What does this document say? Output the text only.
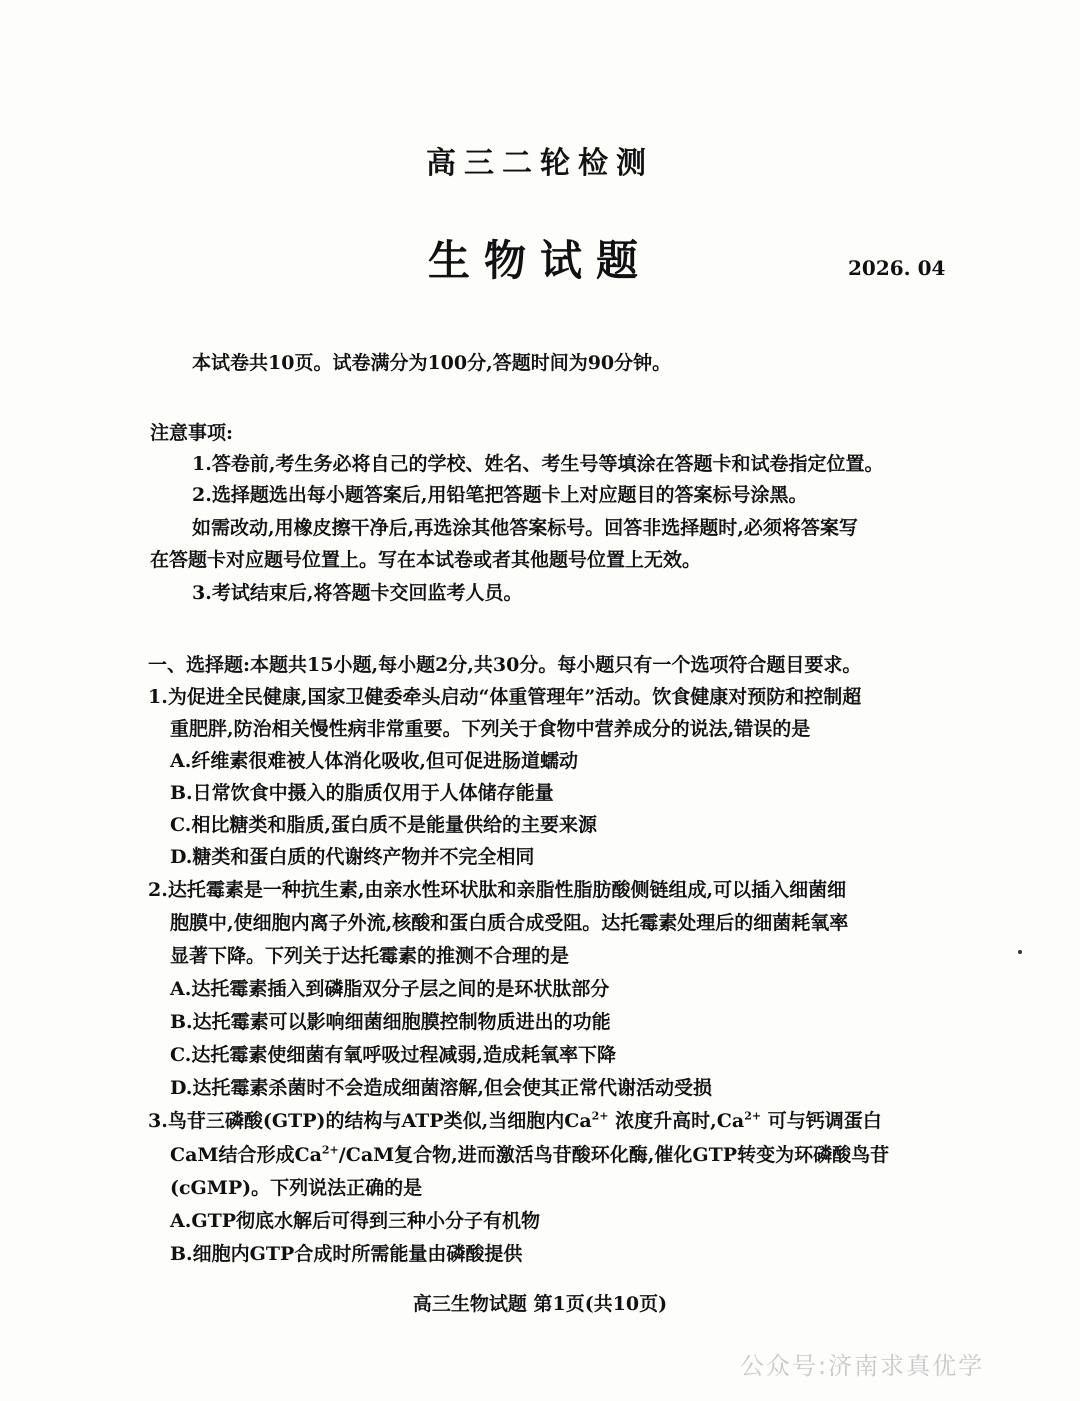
高三二轮检测
生物试题	2026. 04
本试卷共10页。试卷满分为100分,答题时间为90分钟。
注意事项:
1.答卷前,考生务必将自己的学校、姓名、考生号等填涂在答题卡和试卷指定位置。
2.选择题选出每小题答案后,用铅笔把答题卡上对应题目的答案标号涂黑。
如需改动,用橡皮擦干净后,再选涂其他答案标号。回答非选择题时,必须将答案写
在答题卡对应题号位置上。写在本试卷或者其他题号位置上无效。
3.考试结束后,将答题卡交回监考人员。
一、选择题:本题共15小题,每小题2分,共30分。每小题只有一个选项符合题目要求。
1.为促进全民健康,国家卫健委牵头启动“体重管理年”活动。饮食健康对预防和控制超
重肥胖,防治相关慢性病非常重要。下列关于食物中营养成分的说法,错误的是
A.纤维素很难被人体消化吸收,但可促进肠道蠕动
B.日常饮食中摄入的脂质仅用于人体储存能量
C.相比糖类和脂质,蛋白质不是能量供给的主要来源
D.糖类和蛋白质的代谢终产物并不完全相同
2.达托霉素是一种抗生素,由亲水性环状肽和亲脂性脂肪酸侧链组成,可以插入细菌细
胞膜中,使细胞内离子外流,核酸和蛋白质合成受阻。达托霉素处理后的细菌耗氧率
显著下降。下列关于达托霉素的推测不合理的是
A.达托霉素插入到磷脂双分子层之间的是环状肽部分
B.达托霉素可以影响细菌细胞膜控制物质进出的功能
C.达托霉素使细菌有氧呼吸过程减弱,造成耗氧率下降
D.达托霉素杀菌时不会造成细菌溶解,但会使其正常代谢活动受损
3.鸟苷三磷酸(GTP)的结构与ATP类似,当细胞内$Ca^{2+}$ 浓度升高时$,Ca^{2+}$ 可与钙调蛋白
CaM结合形成$Ca^{2+}$/CaM复合物,进而激活鸟苷酸环化酶,催化GTP转变为环磷酸鸟苷
(cGMP)。下列说法正确的是
A.GTP彻底水解后可得到三种小分子有机物
B.细胞内GTP合成时所需能量由磷酸提供
高三生物试题 第1页(共10页)
公众号:济南求真优学
